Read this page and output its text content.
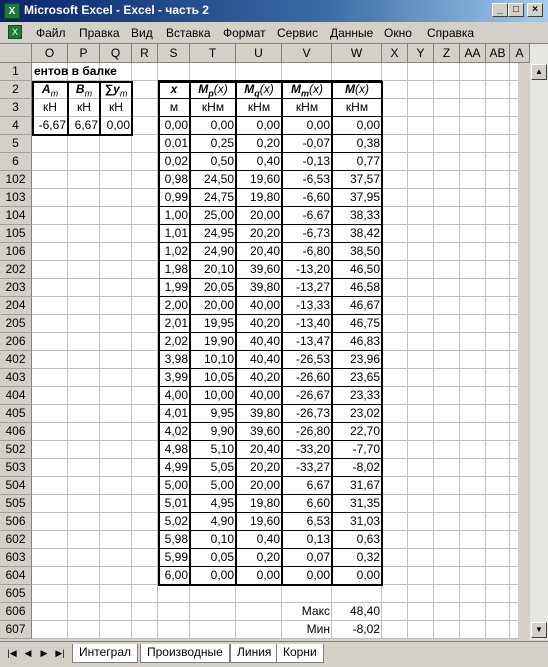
X Microsoft Excel - Excel - часть 2	_	□	×
X	Файл Правка Вид Вставка Формат Сервис Данные Окно Справка
O	P	Q	R	S	T	U	V	W	X	Y	Z	AA AB A
1
2
3
4
5
6
102
103
104
105
106
202
203
204
205
206
402
403
404
405
406
502
503
504
505
506
602
603
604
605
606
607
ентов в балке
$A_m$	$B_m$	$\sum y_m$
кН	кН	кН
-6,67 6,67 0,00
x	$M_p(x)$	$M_q(x)$	$M_m(x)$	M(x)
м	кНм	кНм	кНм	кНм
0,00	0,00	0,00	0,00	0,00
0,01	0,25	0,20	-0,07	0,38
0,02	0,50	0,40	-0,13	0,77
0,98	24,50	19,60	-6,53	37,57
0,99	24,75	19,80	-6,60	37,95
1,00	25,00	20,00	-6,67	38,33
1,01	24,95	20,20	-6,73	38,42
1,02	24,90	20,40	-6,80	38,50
1,98	20,10	39,60	-13,20	46,50
1,99	20,05	39,80	-13,27	46,58
2,00	20,00	40,00	-13,33	46,67
2,01	19,95	40,20	-13,40	46,75
2,02	19,90	40,40	-13,47	46,83
3,98	10,10	40,40	-26,53	23,96
3,99	10,05	40,20	-26,60	23,65
4,00	10,00	40,00	-26,67	23,33
4,01	9,95	39,80	-26,73	23,02
4,02	9,90	39,60	-26,80	22,70
4,98	5,10	20,40	-33,20	-7,70
4,99	5,05	20,20	-33,27	-8,02
5,00	5,00	20,00	6,67	31,67
5,01	4,95	19,80	6,60	31,35
5,02	4,90	19,60	6,53	31,03
5,98	0,10	0,40	0,13	0,63
5,99	0,05	0,20	0,07	0,32
6,00	0,00	0,00	0,00	0,00
Макс	48,40
Мин	-8,02
▲
▼
|◀ ◀ ▶ ▶|	Интеграл	Производные	Линия Корни
